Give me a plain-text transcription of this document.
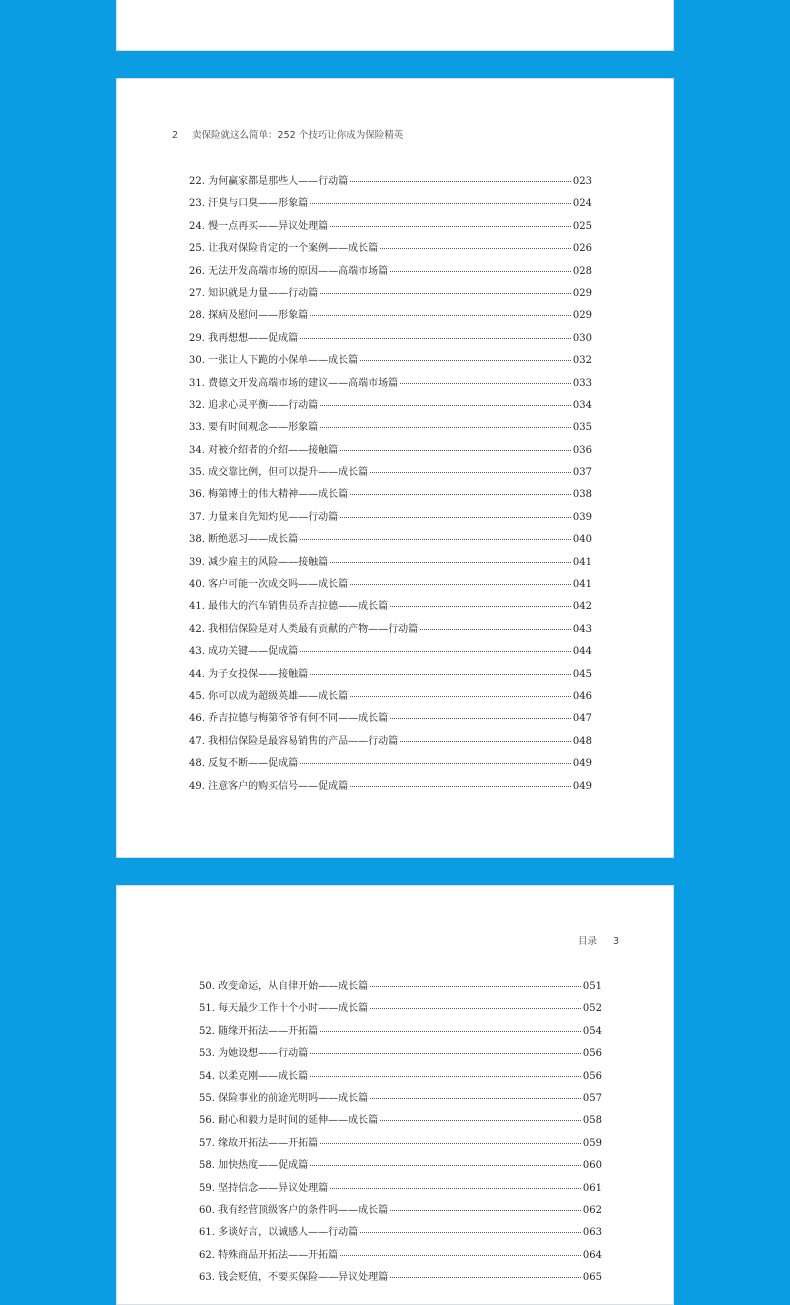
2 卖保险就这么简单：252 个技巧让你成为保险精英
22. 为何赢家都是那些人——行动篇	023
23. 汗臭与口臭——形象篇	024
24. 慢一点再买——异议处理篇	025
25. 让我对保险肯定的一个案例——成长篇	026
26. 无法开发高端市场的原因——高端市场篇	028
27. 知识就是力量——行动篇	029
28. 探病及慰问——形象篇	029
29. 我再想想——促成篇	030
30. 一张让人下跪的小保单——成长篇	032
31. 费德文开发高端市场的建议——高端市场篇	033
32. 追求心灵平衡——行动篇	034
33. 要有时间观念——形象篇	035
34. 对被介绍者的介绍——接触篇	036
35. 成交靠比例，但可以提升——成长篇	037
36. 梅第博士的伟大精神——成长篇	038
37. 力量来自先知灼见——行动篇	039
38. 断绝恶习——成长篇	040
39. 减少雇主的风险——接触篇	041
40. 客户可能一次成交吗——成长篇	041
41. 最伟大的汽车销售员乔吉拉德——成长篇	042
42. 我相信保险是对人类最有贡献的产物——行动篇	043
43. 成功关键——促成篇	044
44. 为子女投保——接触篇	045
45. 你可以成为超级英雄——成长篇	046
46. 乔吉拉德与梅第爷爷有何不同——成长篇	047
47. 我相信保险是最容易销售的产品——行动篇	048
48. 反复不断——促成篇	049
49. 注意客户的购买信号——促成篇	049
目录 3
50. 改变命运，从自律开始——成长篇	051
51. 每天最少工作十个小时——成长篇	052
52. 随缘开拓法——开拓篇	054
53. 为她设想——行动篇	056
54. 以柔克刚——成长篇	056
55. 保险事业的前途光明吗——成长篇	057
56. 耐心和毅力是时间的延伸——成长篇	058
57. 缘故开拓法——开拓篇	059
58. 加快热度——促成篇	060
59. 坚持信念——异议处理篇	061
60. 我有经营顶级客户的条件吗——成长篇	062
61. 多谈好言，以诚感人——行动篇	063
62. 特殊商品开拓法——开拓篇	064
63. 钱会贬值，不要买保险——异议处理篇	065
